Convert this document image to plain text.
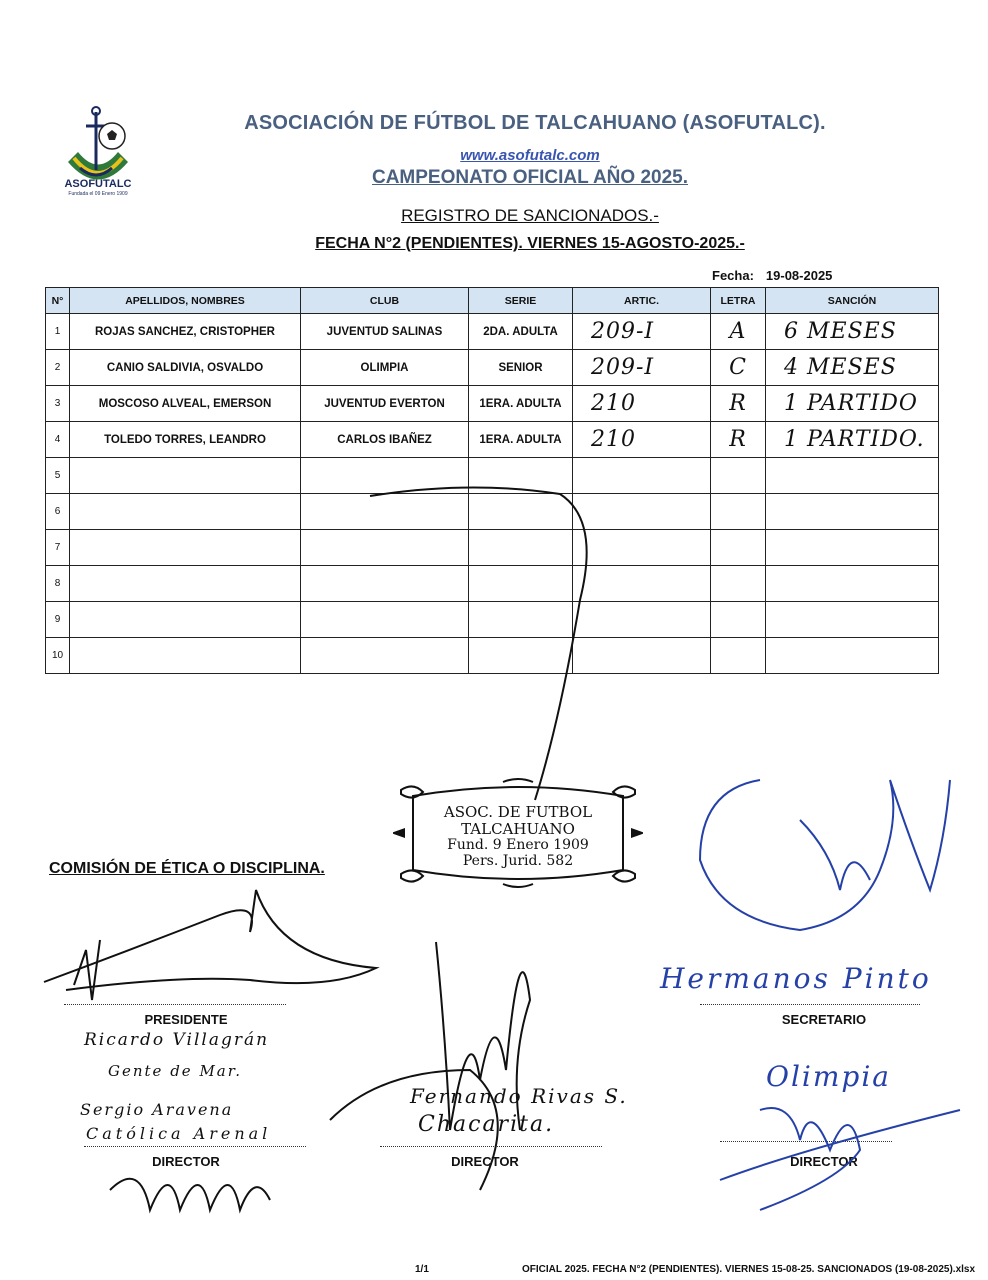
ASOFUTALC
Fundada el 09 Enero 1909
ASOCIACIÓN DE FÚTBOL DE TALCAHUANO (ASOFUTALC).
www.asofutalc.com
CAMPEONATO OFICIAL AÑO 2025.
REGISTRO DE SANCIONADOS.-
FECHA N°2 (PENDIENTES). VIERNES 15-AGOSTO-2025.-
Fecha: 19-08-2025
N°	APELLIDOS, NOMBRES	CLUB	SERIE	ARTIC.	LETRA	SANCIÓN
1	ROJAS SANCHEZ, CRISTOPHER	JUVENTUD SALINAS	2DA. ADULTA	209-I	A	6 MESES
2	CANIO SALDIVIA, OSVALDO	OLIMPIA	SENIOR	209-I	C	4 MESES
3	MOSCOSO ALVEAL, EMERSON	JUVENTUD EVERTON	1ERA. ADULTA	210	R	1 PARTIDO
4	TOLEDO TORRES, LEANDRO	CARLOS IBAÑEZ	1ERA. ADULTA	210	R	1 PARTIDO.
5						
6						
7						
8						
9						
10						
ASOC. DE FUTBOL
TALCAHUANO
Fund. 9 Enero 1909
Pers. Jurid. 582
COMISIÓN DE ÉTICA O DISCIPLINA.
PRESIDENTE	SECRETARIO
DIRECTOR	DIRECTOR	DIRECTOR
Ricardo Villagrán
Gente de Mar.
Sergio Aravena
Católica Arenal
Fernando Rivas S.
Chacarita.
Hermanos Pinto
Olimpia
1/1	OFICIAL 2025. FECHA N°2 (PENDIENTES). VIERNES 15-08-25. SANCIONADOS (19-08-2025).xlsx
